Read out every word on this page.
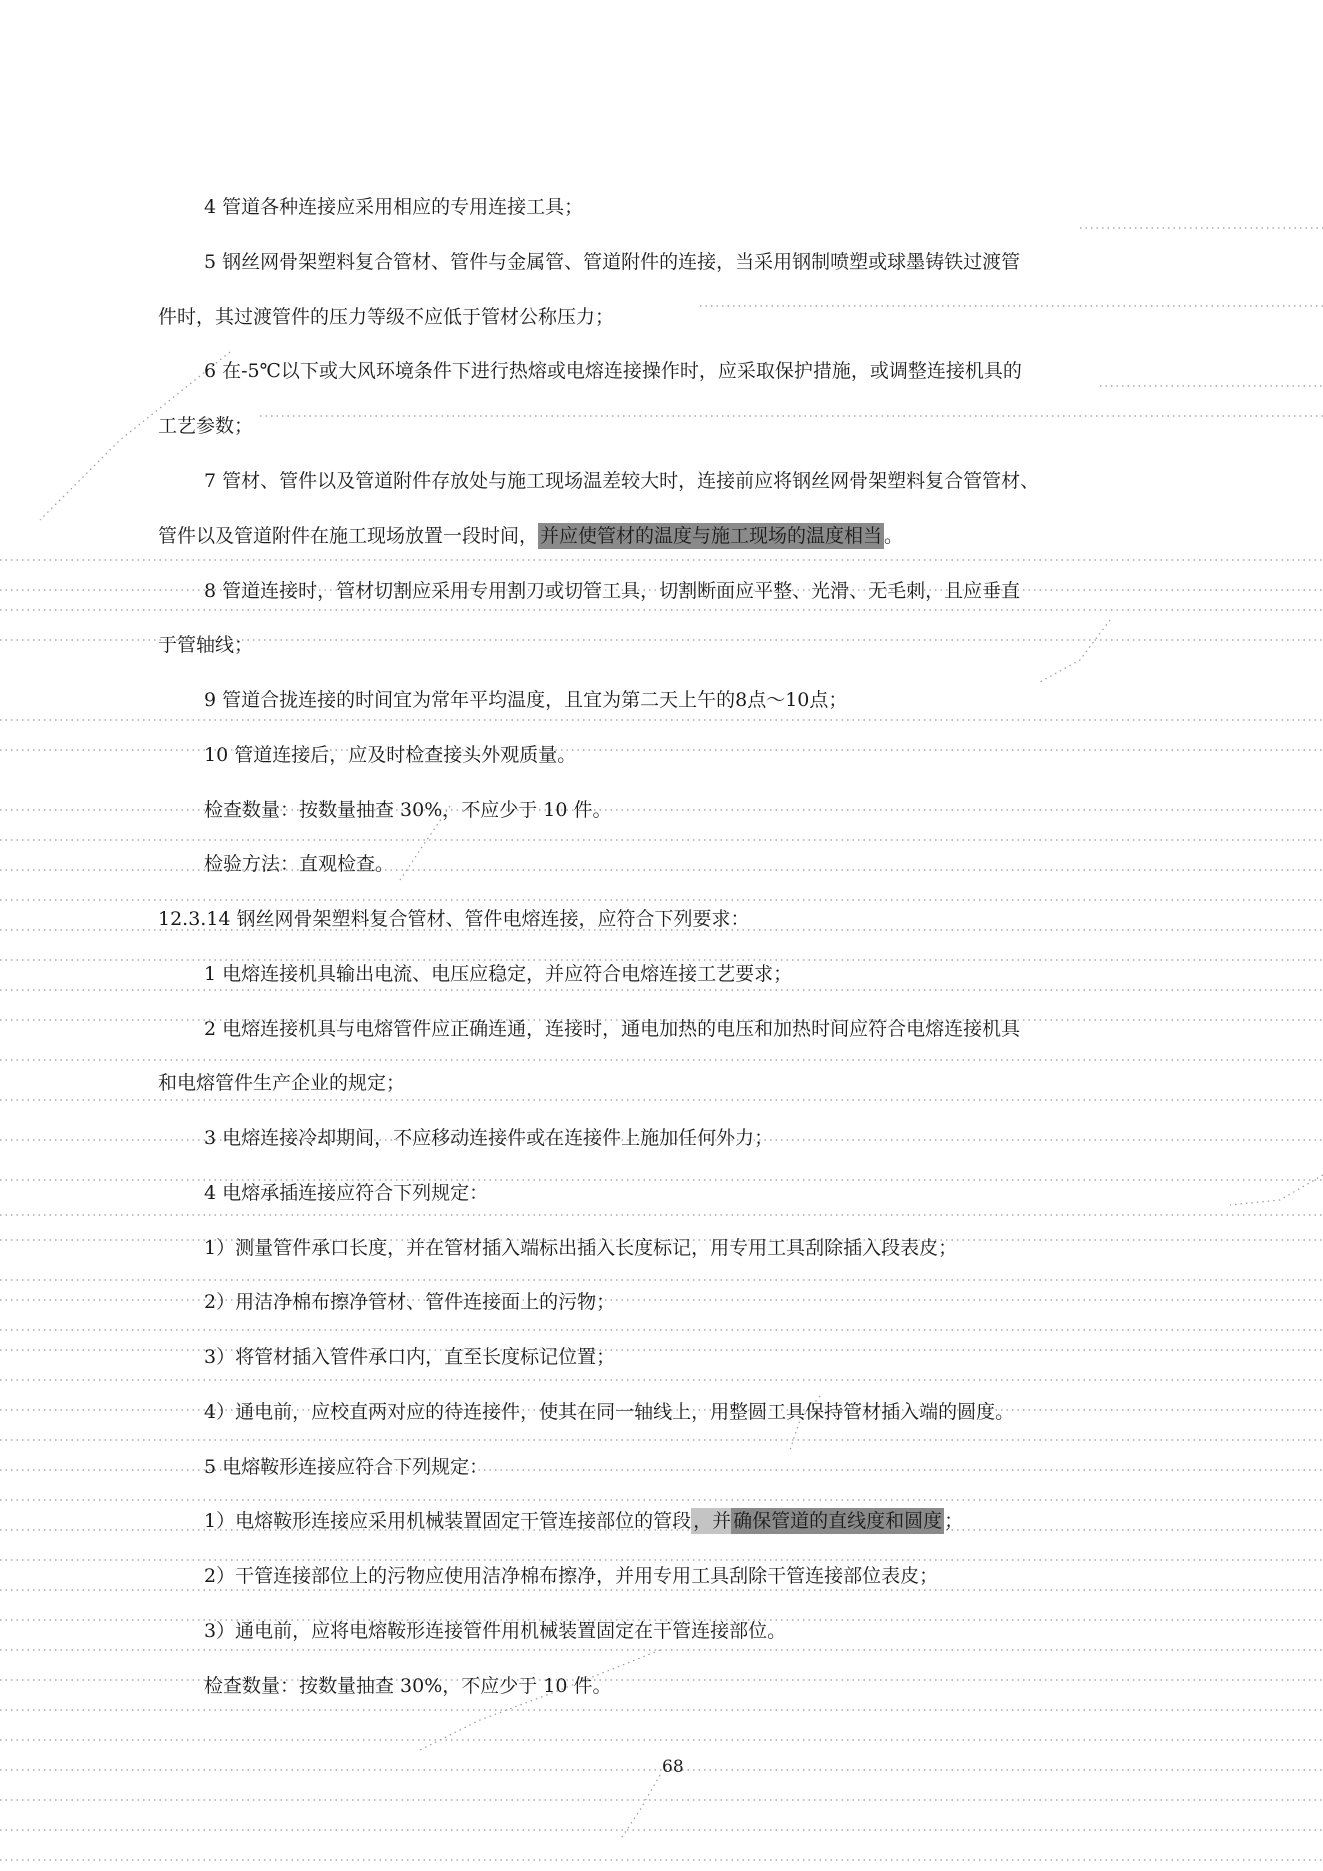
4 管道各种连接应采用相应的专用连接工具；
5 钢丝网骨架塑料复合管材、管件与金属管、管道附件的连接，当采用钢制喷塑或球墨铸铁过渡管
件时，其过渡管件的压力等级不应低于管材公称压力；
6 在-5℃以下或大风环境条件下进行热熔或电熔连接操作时，应采取保护措施，或调整连接机具的
工艺参数；
7 管材、管件以及管道附件存放处与施工现场温差较大时，连接前应将钢丝网骨架塑料复合管管材、
管件以及管道附件在施工现场放置一段时间， 并应使管材的温度与施工现场的温度相当 。
8 管道连接时，管材切割应采用专用割刀或切管工具，切割断面应平整、光滑、无毛刺，且应垂直
于管轴线；
9 管道合拢连接的时间宜为常年平均温度，且宜为第二天上午的8点～10点；
10 管道连接后，应及时检查接头外观质量。
检查数量：按数量抽查 30%，不应少于 10 件。
检验方法：直观检查。
12.3.14 钢丝网骨架塑料复合管材、管件电熔连接，应符合下列要求：
1 电熔连接机具输出电流、电压应稳定，并应符合电熔连接工艺要求；
2 电熔连接机具与电熔管件应正确连通，连接时，通电加热的电压和加热时间应符合电熔连接机具
和电熔管件生产企业的规定；
3 电熔连接冷却期间，不应移动连接件或在连接件上施加任何外力；
4 电熔承插连接应符合下列规定：
1）测量管件承口长度，并在管材插入端标出插入长度标记，用专用工具刮除插入段表皮；
2）用洁净棉布擦净管材、管件连接面上的污物；
3）将管材插入管件承口内，直至长度标记位置；
4）通电前，应校直两对应的待连接件，使其在同一轴线上，用整圆工具保持管材插入端的圆度。
5 电熔鞍形连接应符合下列规定：
1）电熔鞍形连接应采用机械装置固定干管连接部位的管段 ，并 确保管道的直线度和圆度 ；
2）干管连接部位上的污物应使用洁净棉布擦净，并用专用工具刮除干管连接部位表皮；
3）通电前，应将电熔鞍形连接管件用机械装置固定在干管连接部位。
检查数量：按数量抽查 30%，不应少于 10 件。
68
